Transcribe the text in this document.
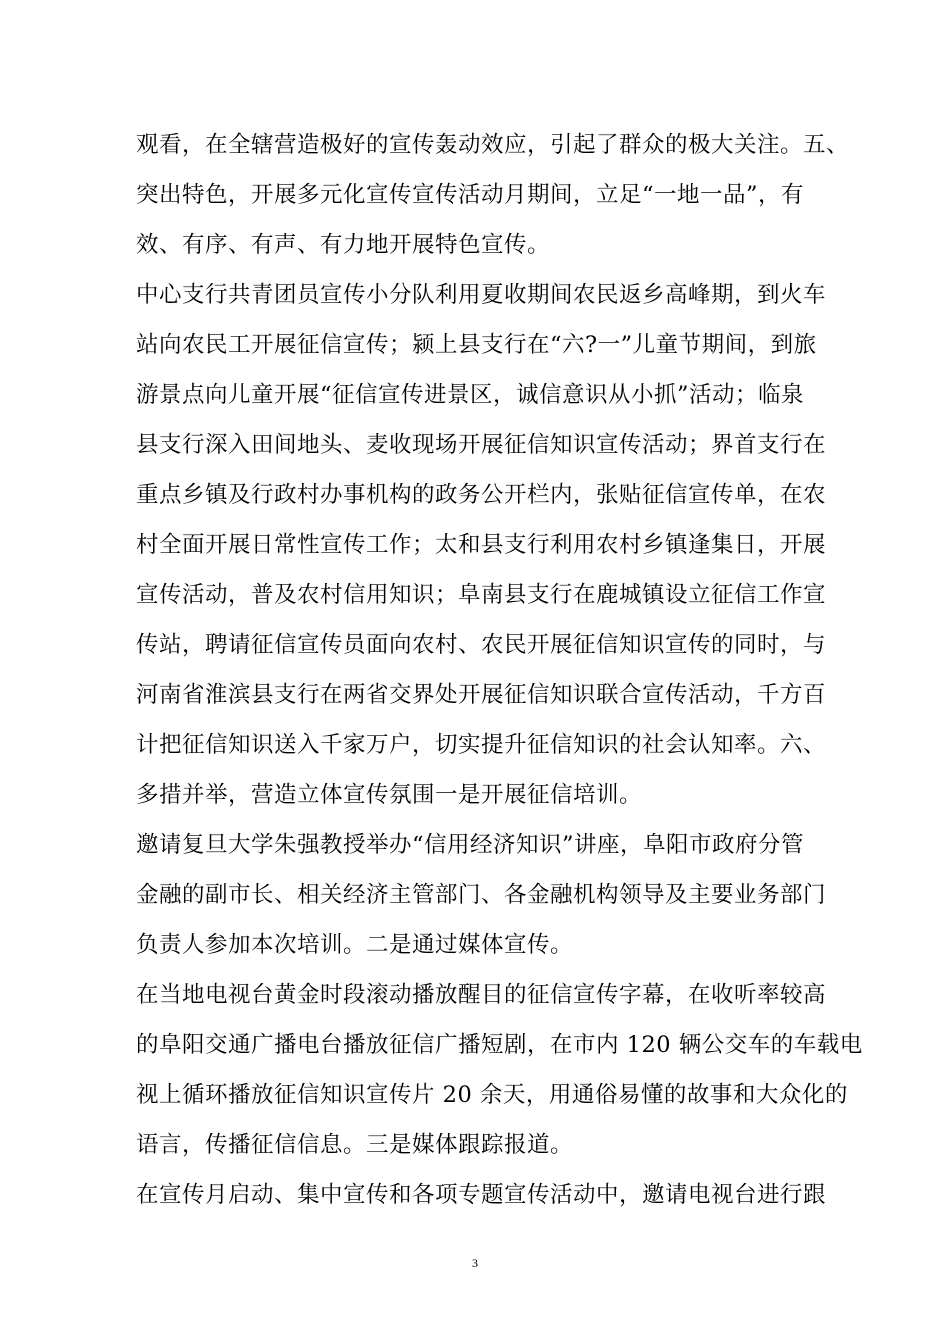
观看，在全辖营造极好的宣传轰动效应，引起了群众的极大关注。五、
突出特色，开展多元化宣传宣传活动月期间，立足“一地一品”，有
效、有序、有声、有力地开展特色宣传。
中心支行共青团员宣传小分队利用夏收期间农民返乡高峰期，到火车
站向农民工开展征信宣传；颍上县支行在“六?一”儿童节期间，到旅
游景点向儿童开展“征信宣传进景区，诚信意识从小抓”活动；临泉
县支行深入田间地头、麦收现场开展征信知识宣传活动；界首支行在
重点乡镇及行政村办事机构的政务公开栏内，张贴征信宣传单，在农
村全面开展日常性宣传工作；太和县支行利用农村乡镇逢集日，开展
宣传活动，普及农村信用知识；阜南县支行在鹿城镇设立征信工作宣
传站，聘请征信宣传员面向农村、农民开展征信知识宣传的同时，与
河南省淮滨县支行在两省交界处开展征信知识联合宣传活动，千方百
计把征信知识送入千家万户，切实提升征信知识的社会认知率。六、
多措并举，营造立体宣传氛围一是开展征信培训。
邀请复旦大学朱强教授举办“信用经济知识”讲座，阜阳市政府分管
金融的副市长、相关经济主管部门、各金融机构领导及主要业务部门
负责人参加本次培训。二是通过媒体宣传。
在当地电视台黄金时段滚动播放醒目的征信宣传字幕，在收听率较高
的阜阳交通广播电台播放征信广播短剧，在市内 120 辆公交车的车载电
视上循环播放征信知识宣传片 20 余天，用通俗易懂的故事和大众化的
语言，传播征信信息。三是媒体跟踪报道。
在宣传月启动、集中宣传和各项专题宣传活动中，邀请电视台进行跟
3
